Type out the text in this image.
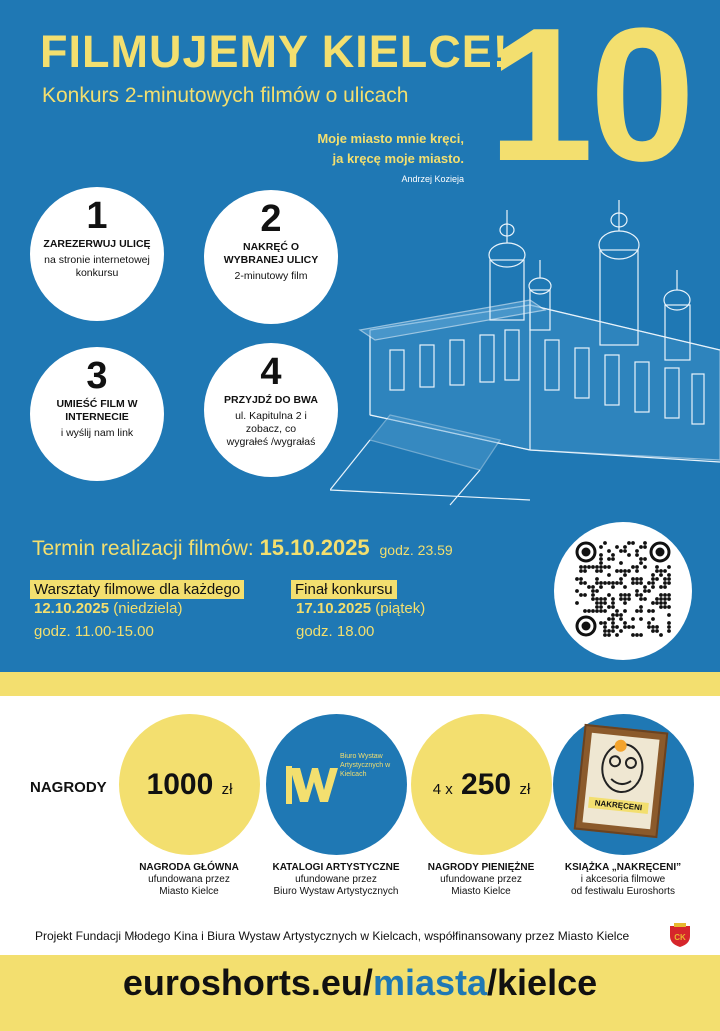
FILMUJEMY KIELCE!
Konkurs 2-minutowych filmów o ulicach 10
Moje miasto mnie kręci,
ja kręcę moje miasto.
Andrzej Kozieja
1
ZAREZERWUJ ULICĘ
na stronie internetowej konkursu
2
NAKRĘĆ O WYBRANEJ ULICY
2-minutowy film
3
UMIEŚĆ FILM W INTERNECIE
i wyślij nam link
4
PRZYJDŹ DO BWA
ul. Kapitulna 2 i zobacz, co wygrałeś /wygrałaś
Termin realizacji filmów: 15.10.2025 godz. 23.59
Warsztaty filmowe dla każdego
12.10.2025 (niedziela)
godz. 11.00-15.00
Finał konkursu
17.10.2025 (piątek)
godz. 18.00
NAGRODY	1000 zł
NAGRODA GŁÓWNA
ufundowana przez
Miasto Kielce
Biuro Wystaw Artystycznych w Kielcach
KATALOGI ARTYSTYCZNE
ufundowane przez
Biuro Wystaw Artystycznych
4 x 250 zł
NAGRODY PIENIĘŻNE
ufundowane przez
Miasto Kielce
NAKRĘCENI
KSIĄŻKA „NAKRĘCENI”
i akcesoria filmowe
od festiwalu Euroshorts
Projekt Fundacji Młodego Kina i Biura Wystaw Artystycznych w Kielcach, współfinansowany przez Miasto Kielce	CK
euroshorts.eu/miasta/kielce
